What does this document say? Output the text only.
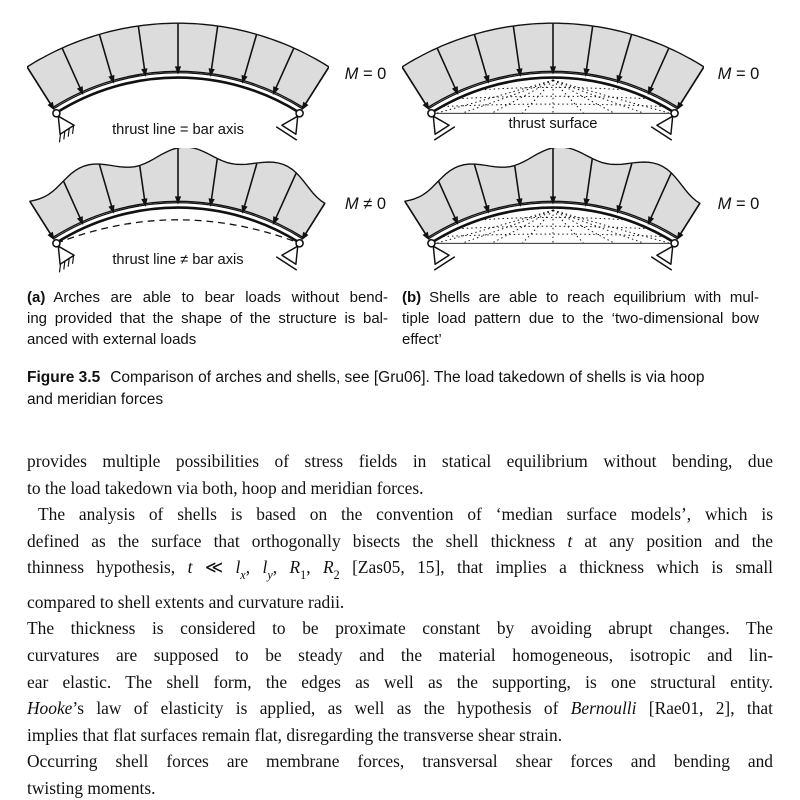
thrust line = bar axis
M = 0
thrust surface
M = 0
thrust line ≠ bar axis
M ≠ 0	M = 0
(a) Arches are able to bear loads without bend-
ing provided that the shape of the structure is bal-
anced with external loads
(b) Shells are able to reach equilibrium with mul-
tiple load pattern due to the ‘two-dimensional bow
effect’
Figure 3.5 Comparison of arches and shells, see [Gru06]. The load takedown of shells is via hoop
and meridian forces
provides multiple possibilities of stress fields in statical equilibrium without bending, due
to the load takedown via both, hoop and meridian forces.
The analysis of shells is based on the convention of ‘median surface models’, which is
defined as the surface that orthogonally bisects the shell thickness t at any position and the
thinness hypothesis, t ≪ $l_x$, $l_y$, $R_1$, $R_2$ [Zas05, 15], that implies a thickness which is small
compared to shell extents and curvature radii.
The thickness is considered to be proximate constant by avoiding abrupt changes. The
curvatures are supposed to be steady and the material homogeneous, isotropic and lin-
ear elastic. The shell form, the edges as well as the supporting, is one structural entity.
Hooke’s law of elasticity is applied, as well as the hypothesis of Bernoulli [Rae01, 2], that
implies that flat surfaces remain flat, disregarding the transverse shear strain.
Occurring shell forces are membrane forces, transversal shear forces and bending and
twisting moments.
